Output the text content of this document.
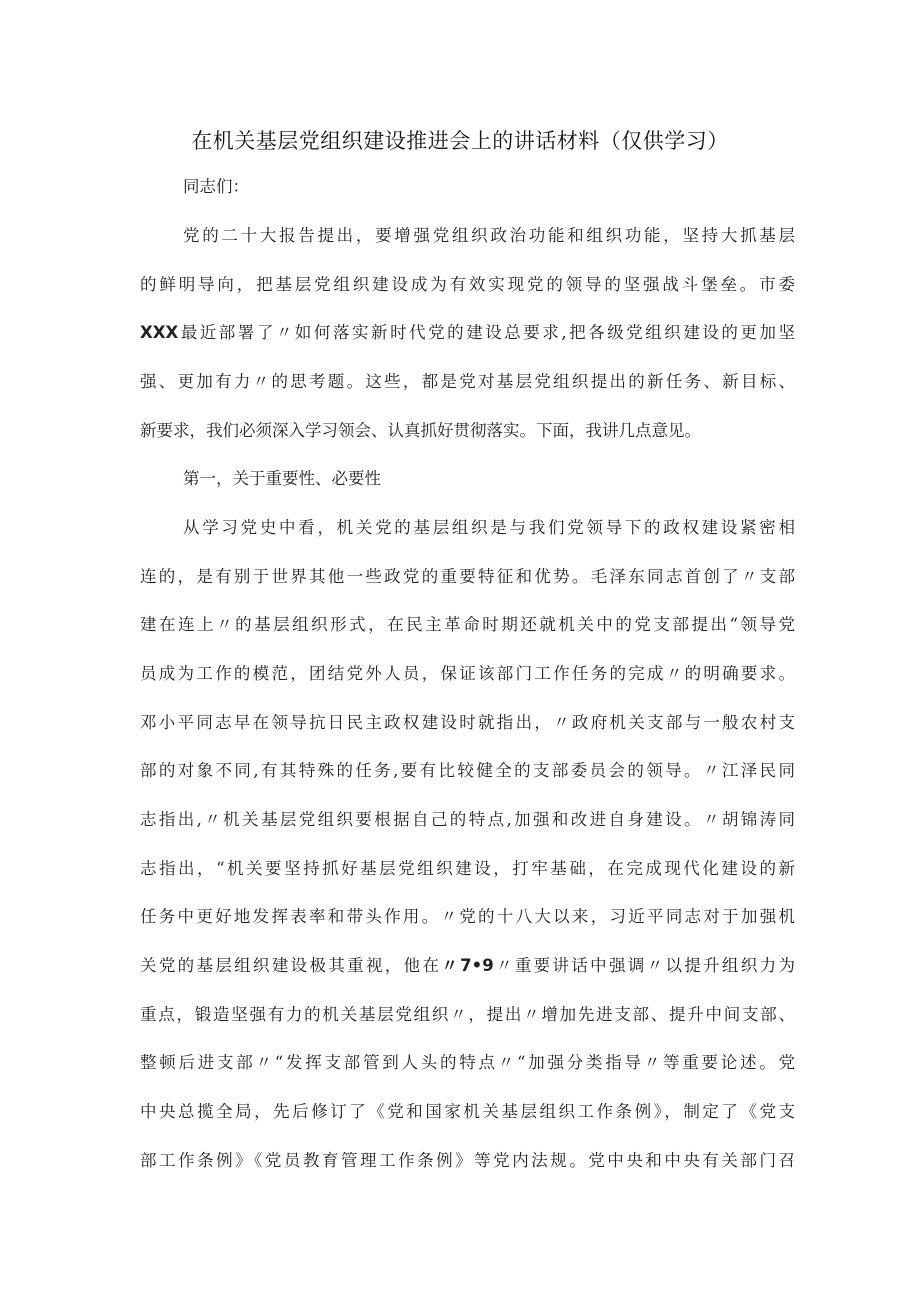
在机关基层党组织建设推进会上的讲话材料（仅供学习）
同志们：
党的二十大报告提出，要增强党组织政治功能和组织功能，坚持大抓基层
的鲜明导向，把基层党组织建设成为有效实现党的领导的坚强战斗堡垒。市委
XXX最近部署了〃如何落实新时代党的建设总要求,把各级党组织建设的更加坚
强、更加有力〃的思考题。这些，都是党对基层党组织提出的新任务、新目标、
新要求，我们必须深入学习领会、认真抓好贯彻落实。下面，我讲几点意见。
第一，关于重要性、必要性
从学习党史中看，机关党的基层组织是与我们党领导下的政权建设紧密相
连的，是有别于世界其他一些政党的重要特征和优势。毛泽东同志首创了〃支部
建在连上〃的基层组织形式，在民主革命时期还就机关中的党支部提出“领导党
员成为工作的模范，团结党外人员，保证该部门工作任务的完成〃的明确要求。
邓小平同志早在领导抗日民主政权建设时就指出，〃政府机关支部与一般农村支
部的对象不同,有其特殊的任务,要有比较健全的支部委员会的领导。〃江泽民同
志指出,〃机关基层党组织要根据自己的特点,加强和改进自身建设。〃胡锦涛同
志指出，“机关要坚持抓好基层党组织建设，打牢基础，在完成现代化建设的新
任务中更好地发挥表率和带头作用。〃党的十八大以来，习近平同志对于加强机
关党的基层组织建设极其重视，他在〃7•9〃重要讲话中强调〃以提升组织力为
重点，锻造坚强有力的机关基层党组织〃，提出〃增加先进支部、提升中间支部、
整顿后进支部〃“发挥支部管到人头的特点〃“加强分类指导〃等重要论述。党
中央总揽全局，先后修订了《党和国家机关基层组织工作条例》，制定了《党支
部工作条例》《党员教育管理工作条例》等党内法规。党中央和中央有关部门召
